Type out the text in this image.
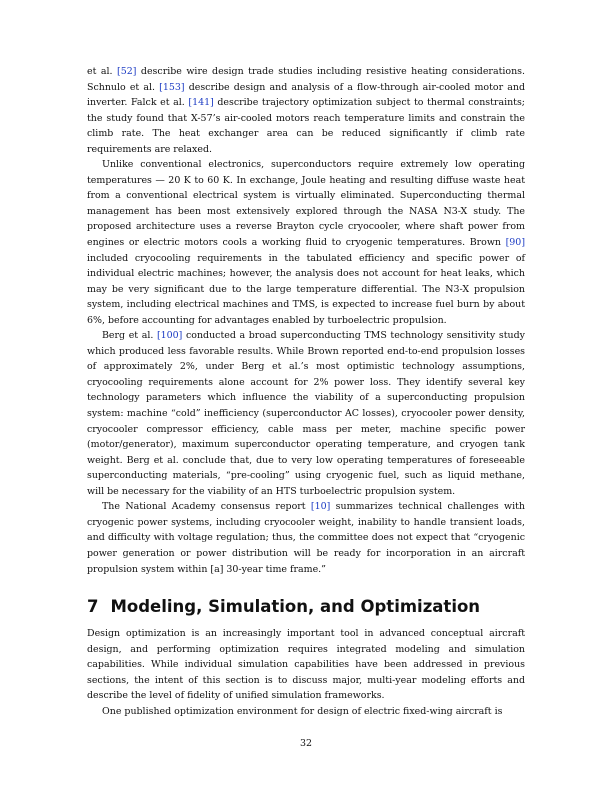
et al. [52] describe wire design trade studies including resistive heating considerations. Schnulo et al. [153] describe design and analysis of a flow-through air-cooled motor and inverter. Falck et al. [141] describe trajectory optimization subject to thermal constraints; the study found that X-57’s air-cooled motors reach temperature limits and constrain the climb rate. The heat exchanger area can be reduced significantly if climb rate requirements are relaxed.

Unlike conventional electronics, superconductors require extremely low operating temperatures — 20 K to 60 K. In exchange, Joule heating and resulting diffuse waste heat from a conventional electrical system is virtually eliminated. Superconducting thermal management has been most extensively explored through the NASA N3-X study. The proposed architecture uses a reverse Brayton cycle cryocooler, where shaft power from engines or electric motors cools a working fluid to cryogenic temperatures. Brown [90] included cryocooling requirements in the tabulated efficiency and specific power of individual electric machines; however, the analysis does not account for heat leaks, which may be very significant due to the large temperature differential. The N3-X propulsion system, including electrical machines and TMS, is expected to increase fuel burn by about 6%, before accounting for advantages enabled by turboelectric propulsion.

Berg et al. [100] conducted a broad superconducting TMS technology sensitivity study which produced less favorable results. While Brown reported end-to-end propulsion losses of approximately 2%, under Berg et al.’s most optimistic technology assumptions, cryocooling requirements alone account for 2% power loss. They identify several key technology parameters which influence the viability of a superconducting propulsion system: machine “cold” inefficiency (superconductor AC losses), cryocooler power density, cryocooler compressor efficiency, cable mass per meter, machine specific power (motor/generator), maximum superconductor operating temperature, and cryogen tank weight. Berg et al. conclude that, due to very low operating temperatures of foreseeable superconducting materials, “pre-cooling” using cryogenic fuel, such as liquid methane, will be necessary for the viability of an HTS turboelectric propulsion system.

The National Academy consensus report [10] summarizes technical challenges with cryogenic power systems, including cryocooler weight, inability to handle transient loads, and difficulty with voltage regulation; thus, the committee does not expect that “cryogenic power generation or power distribution will be ready for incorporation in an aircraft propulsion system within [a] 30-year time frame.”

7 Modeling, Simulation, and Optimization

Design optimization is an increasingly important tool in advanced conceptual aircraft design, and performing optimization requires integrated modeling and simulation capabilities. While individual simulation capabilities have been addressed in previous sections, the intent of this section is to discuss major, multi-year modeling efforts and describe the level of fidelity of unified simulation frameworks.

One published optimization environment for design of electric fixed-wing aircraft is

32
